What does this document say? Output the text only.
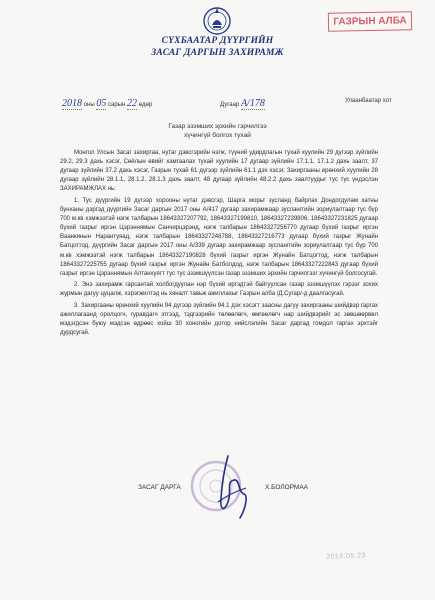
СҮХБААТАР ДҮҮРГИЙН
ЗАСАГ ДАРГЫН ЗАХИРАМЖ
ГАЗРЫН АЛБА
2018 оны 05 сарын 22 өдөр	Дугаар A/178	Улаанбаатар хот
Газар эзэмших эрхийн гэрчилгээ
хүчингүй болгох тухай

Монгол Улсын Засаг захиргаа, нутаг дэвсгэрийн нэгж, түүний удирдлагын тухай хуулийн 29 дүгээр зүйлийн 29.2, 29.3 дахь хэсэг, Сөёлын өвийг хамгаалах тухай хуулийн 17 дугаар зүйлийн 17.1.1, 17.1.2 дахь заалт, 37 дугаар зүйлийн 37.2 дахь хэсэг, Газрын тухай 61 дүгээр зүйлийн 61.1 дэх хэсэг, Захиргааны ерөнхий хуулийн 28 дугаар зүйлийн 28.1.1, 28.1.2, 28.1.3 дахь заалт, 48 дугаар зүйлийн 48.2.2 дахь заалтуудыг тус тус үндэслэн ЗАХИРАМЖЛАХ нь:

1. Тус дүүргийн 19 дүгээр хорооны нутаг дэвсгэр, Шарга морьт зусланд байрлах Дондогдулам хатны бунханы дэргэд дүүргийн Засаг даргын 2017 оны А/417 дугаар захирамжаар зусланггийн зориулалтаар тус бүр 700 м.кв хэмжээтэй нэгж талбарын 18643327207792, 18643327199810, 18643327239806, 18643327231825 дугаар бүхий газрыг иргэн Цэрэннямын Санчирцэрэнд, нэгж талбарын 18643327256770 дугаар бүхий газрыг иргэн Ваанкинын Нарантуяад, нэгж талбарын 18643327248788, 18643327216773 дугаар бүхий газрыг Жунайн Батцогтод, дүүргийн Засаг даргын 2017 оны А/339 дугаар захирамжаар зусланггийн зориулалтаар тус бүр 700 м.кв хэмжээтэй нэгж талбарын 18643327190828 бүхий газрыг иргэн Жунайн Батцогтод, нэгж талбарын 18643327225755 дугаар бүхий газрыг иргэн Жунайн Батболдод, нэгж талбарын 18643327222843 дугаар бүхий газрыг иргэн Цэрэннямын Алтанхуягт тус тус эзэмшүүлсэн газар эзэмших эрхийн гэрчилгээг хүчингүй болгосугай.

2. Энэ захирамж гарсантай холбогдуулан нэр бүхий иргэдтэй байгуулсан газар эзэмшүүлэх гэрээг зохих журмын дагуу цуцалж, хэрэгжилтэд нь хяналт тавьж ажиллахыг Газрын алба /Д.Сугар/-д даалгасугай.

3. Захиргааны ерөнхий хуулийн 94 дүгээр зүйлийн 94.1 дэх хэсэгт заасны дагуу захиргааны шийдвэр гаргах ажиллагаанд оролцогч, гуравдагч этгээд, тэдгээрийн төлөөлөгч, өмгөөлөгч нар шийдвэрийг эс зөвшөөрвөл мэдэгдсэн буюу мэдсэн өдрөөс хойш 30 хоногийн дотор нийслэлийн Засаг даргад гомдол гаргах эрхтэйг дурдсугай.

ЗАСАГ ДАРГА	Х.БОЛОРМАА
2018.05.23
